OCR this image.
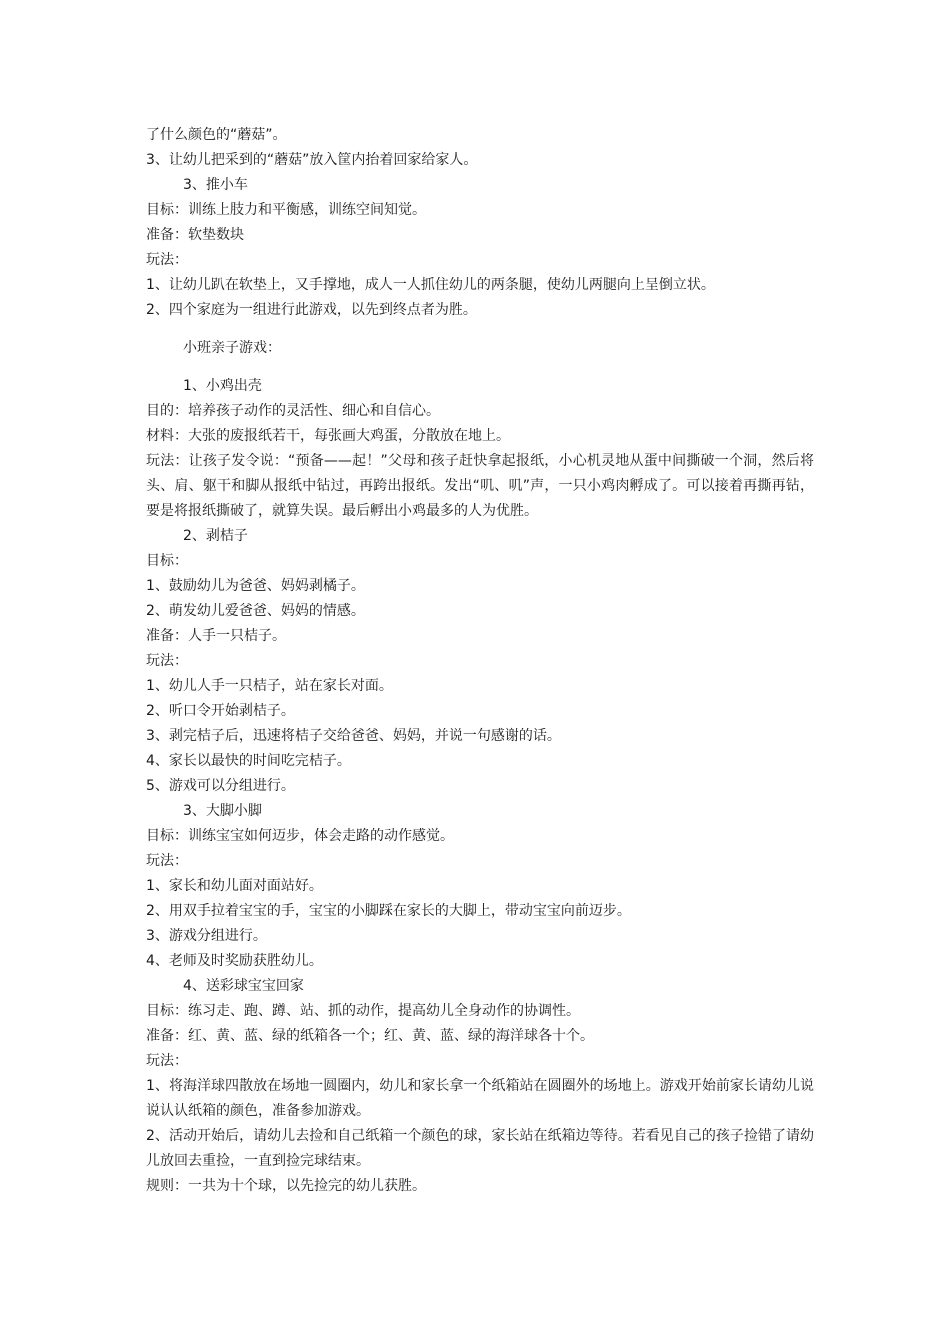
了什么颜色的“蘑菇”。
3、让幼儿把采到的“蘑菇”放入筐内抬着回家给家人。
3、推小车
目标：训练上肢力和平衡感，训练空间知觉。
准备：软垫数块
玩法：
1、让幼儿趴在软垫上，又手撑地，成人一人抓住幼儿的两条腿，使幼儿两腿向上呈倒立状。
2、四个家庭为一组进行此游戏，以先到终点者为胜。
小班亲子游戏：
1、小鸡出壳
目的：培养孩子动作的灵活性、细心和自信心。
材料：大张的废报纸若干，每张画大鸡蛋，分散放在地上。
玩法：让孩子发令说：“预备——起！”父母和孩子赶快拿起报纸，小心机灵地从蛋中间撕破一个洞，然后将头、肩、躯干和脚从报纸中钻过，再跨出报纸。发出“叽、叽”声，一只小鸡肉孵成了。可以接着再撕再钻，要是将报纸撕破了，就算失误。最后孵出小鸡最多的人为优胜。
2、剥桔子
目标：
1、鼓励幼儿为爸爸、妈妈剥橘子。
2、萌发幼儿爱爸爸、妈妈的情感。
准备：人手一只桔子。
玩法：
1、幼儿人手一只桔子，站在家长对面。
2、听口令开始剥桔子。
3、剥完桔子后，迅速将桔子交给爸爸、妈妈，并说一句感谢的话。
4、家长以最快的时间吃完桔子。
5、游戏可以分组进行。
3、大脚小脚
目标：训练宝宝如何迈步，体会走路的动作感觉。
玩法：
1、家长和幼儿面对面站好。
2、用双手拉着宝宝的手，宝宝的小脚踩在家长的大脚上，带动宝宝向前迈步。
3、游戏分组进行。
4、老师及时奖励获胜幼儿。
4、送彩球宝宝回家
目标：练习走、跑、蹲、站、抓的动作，提高幼儿全身动作的协调性。
准备：红、黄、蓝、绿的纸箱各一个；红、黄、蓝、绿的海洋球各十个。
玩法：
1、将海洋球四散放在场地一圆圈内，幼儿和家长拿一个纸箱站在圆圈外的场地上。游戏开始前家长请幼儿说说认认纸箱的颜色，准备参加游戏。
2、活动开始后，请幼儿去捡和自己纸箱一个颜色的球，家长站在纸箱边等待。若看见自己的孩子捡错了请幼儿放回去重捡，一直到捡完球结束。
规则：一共为十个球，以先捡完的幼儿获胜。
